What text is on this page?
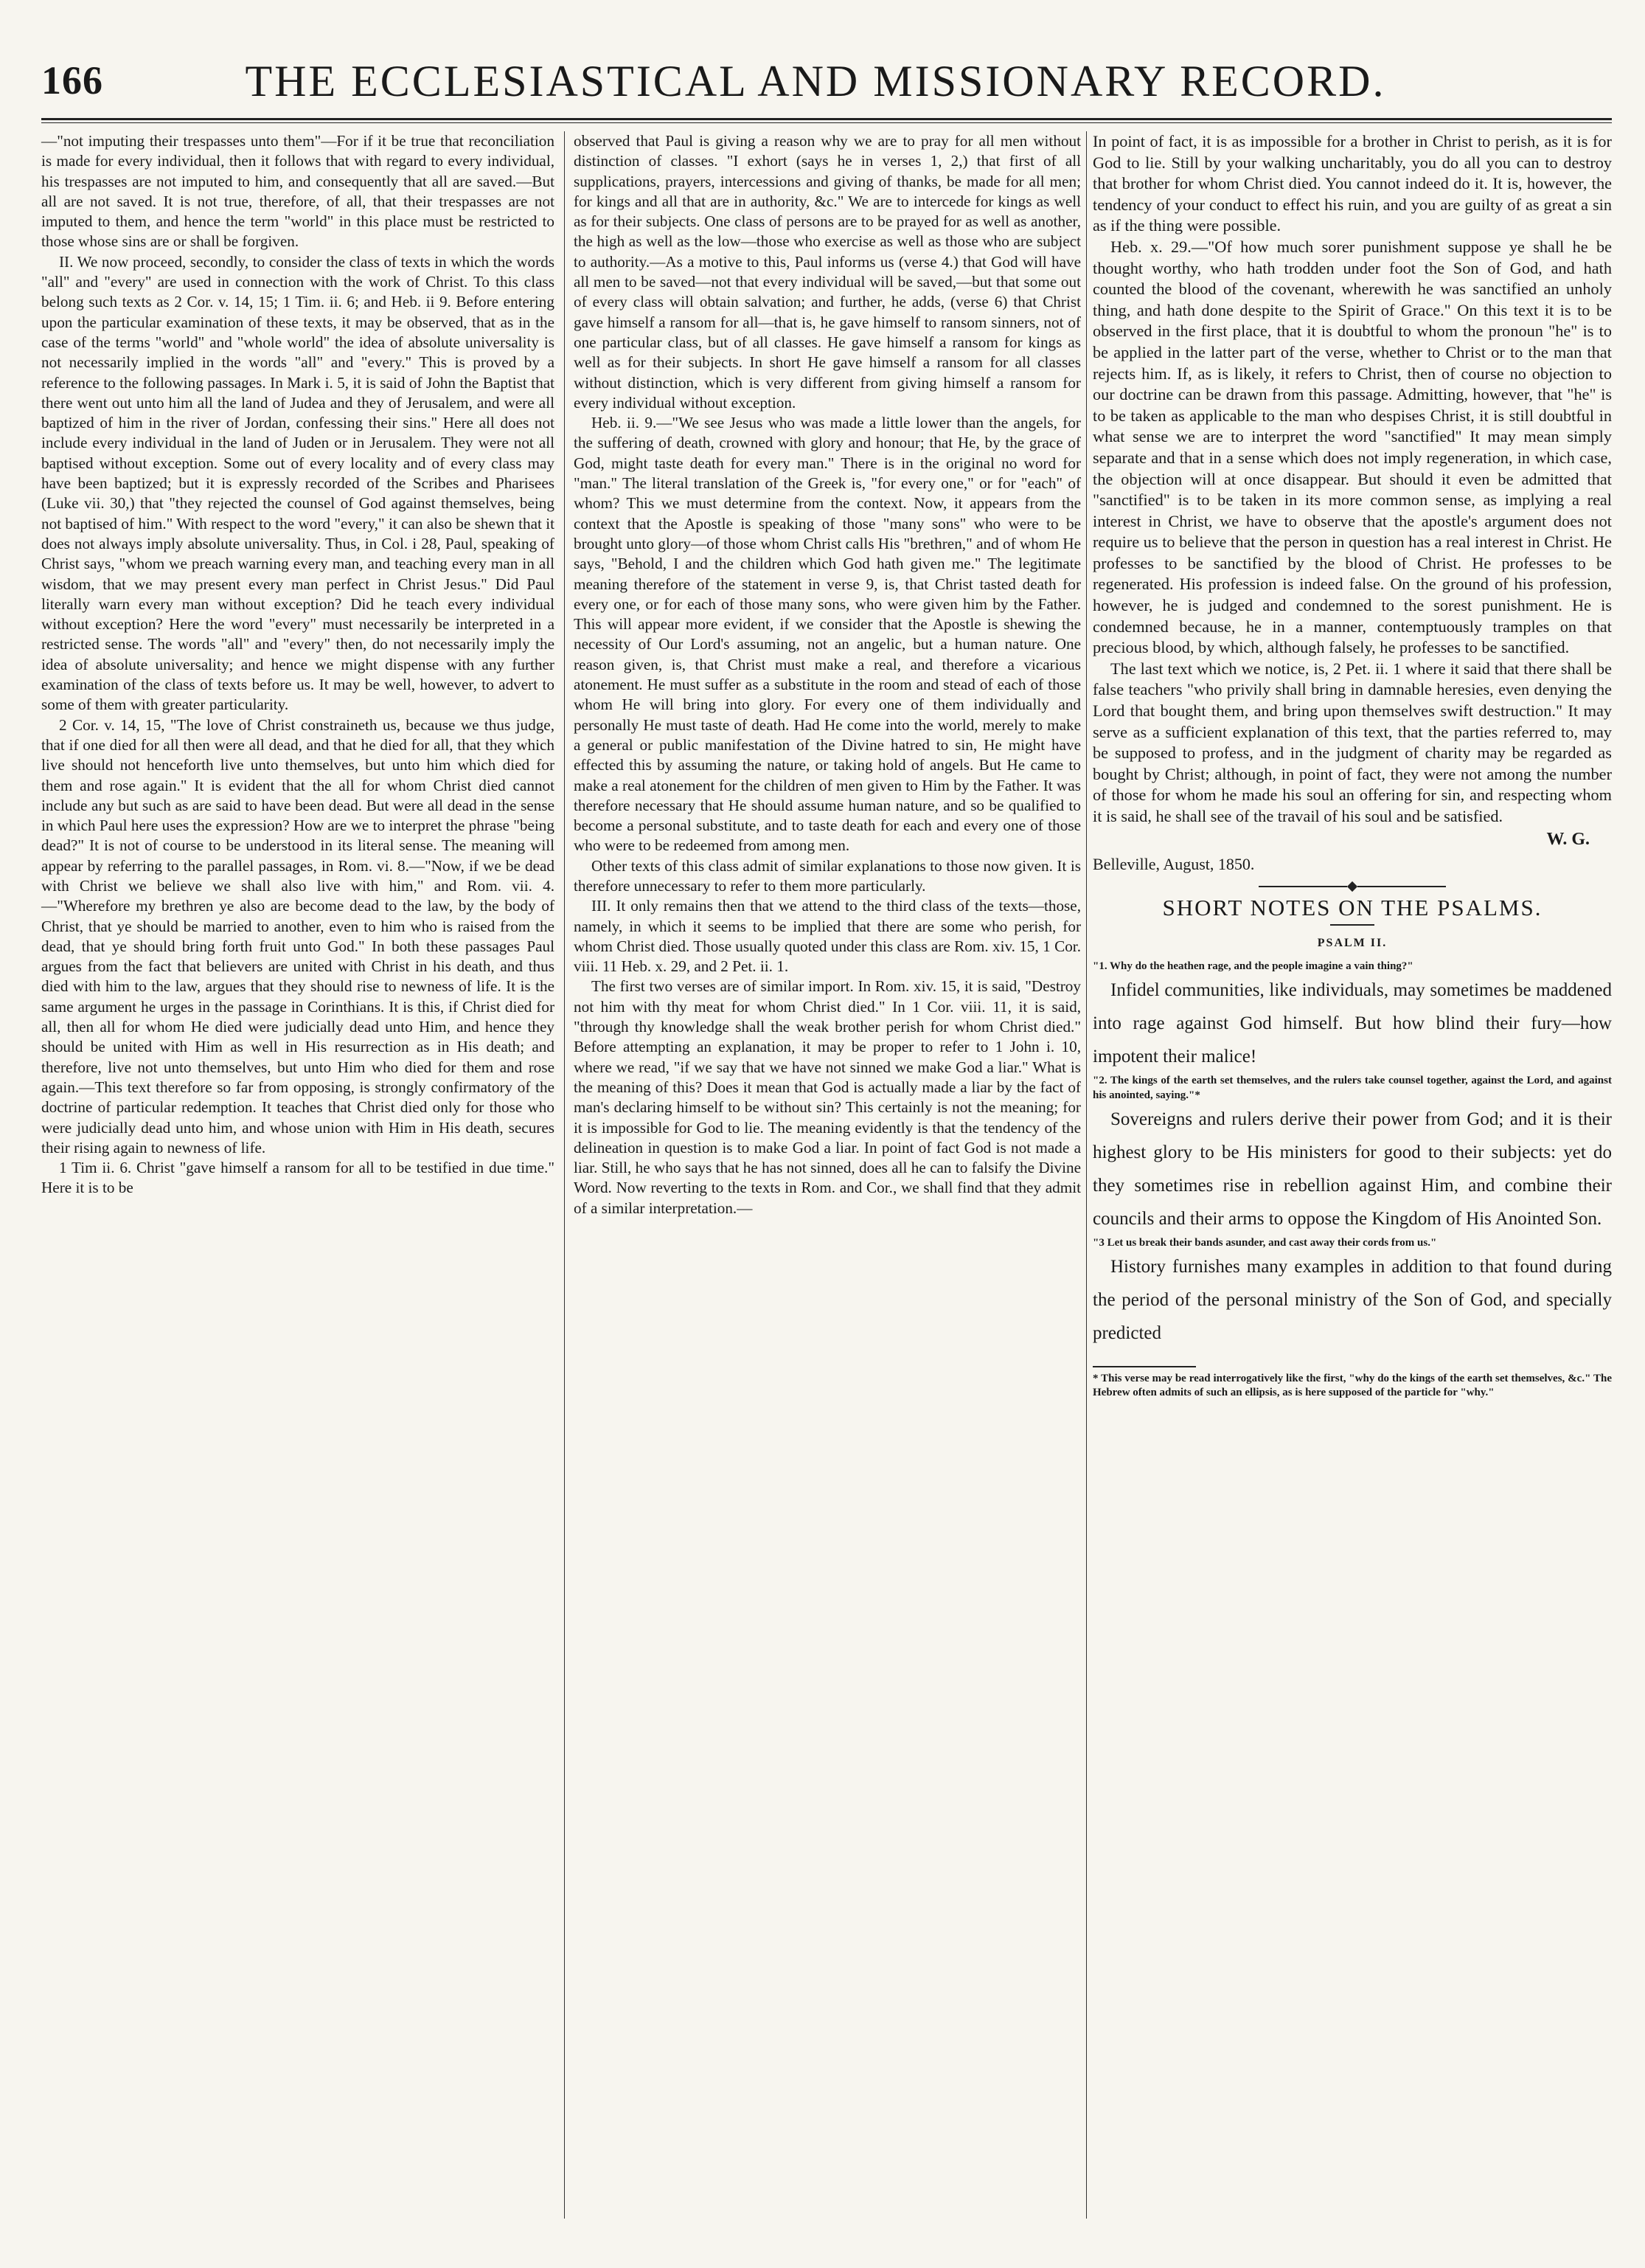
166	THE ECCLESIASTICAL AND MISSIONARY RECORD.

—"not imputing their trespasses unto them"—For if it be true that reconciliation is made for every individual, then it follows that with regard to every individual, his trespasses are not imputed to him, and consequently that all are saved.—But all are not saved. It is not true, therefore, of all, that their trespasses are not imputed to them, and hence the term "world" in this place must be restricted to those whose sins are or shall be forgiven.

II. We now proceed, secondly, to consider the class of texts in which the words "all" and "every" are used in connection with the work of Christ. To this class belong such texts as 2 Cor. v. 14, 15; 1 Tim. ii. 6; and Heb. ii 9. Before entering upon the particular examination of these texts, it may be observed, that as in the case of the terms "world" and "whole world" the idea of absolute universality is not necessarily implied in the words "all" and "every." This is proved by a reference to the following passages. In Mark i. 5, it is said of John the Baptist that there went out unto him all the land of Judea and they of Jerusalem, and were all baptized of him in the river of Jordan, confessing their sins." Here all does not include every individual in the land of Juden or in Jerusalem. They were not all baptised without exception. Some out of every locality and of every class may have been baptized; but it is expressly recorded of the Scribes and Pharisees (Luke vii. 30,) that "they rejected the counsel of God against themselves, being not baptised of him." With respect to the word "every," it can also be shewn that it does not always imply absolute universality. Thus, in Col. i 28, Paul, speaking of Christ says, "whom we preach warning every man, and teaching every man in all wisdom, that we may present every man perfect in Christ Jesus." Did Paul literally warn every man without exception? Did he teach every individual without exception? Here the word "every" must necessarily be interpreted in a restricted sense. The words "all" and "every" then, do not necessarily imply the idea of absolute universality; and hence we might dispense with any further examination of the class of texts before us. It may be well, however, to advert to some of them with greater particularity.

2 Cor. v. 14, 15, "The love of Christ constraineth us, because we thus judge, that if one died for all then were all dead, and that he died for all, that they which live should not henceforth live unto themselves, but unto him which died for them and rose again." It is evident that the all for whom Christ died cannot include any but such as are said to have been dead. But were all dead in the sense in which Paul here uses the expression? How are we to interpret the phrase "being dead?" It is not of course to be understood in its literal sense. The meaning will appear by referring to the parallel passages, in Rom. vi. 8.—"Now, if we be dead with Christ we believe we shall also live with him," and Rom. vii. 4.—"Wherefore my brethren ye also are become dead to the law, by the body of Christ, that ye should be married to another, even to him who is raised from the dead, that ye should bring forth fruit unto God." In both these passages Paul argues from the fact that believers are united with Christ in his death, and thus died with him to the law, argues that they should rise to newness of life. It is the same argument he urges in the passage in Corinthians. It is this, if Christ died for all, then all for whom He died were judicially dead unto Him, and hence they should be united with Him as well in His resurrection as in His death; and therefore, live not unto themselves, but unto Him who died for them and rose again.—This text therefore so far from opposing, is strongly confirmatory of the doctrine of particular redemption. It teaches that Christ died only for those who were judicially dead unto him, and whose union with Him in His death, secures their rising again to newness of life.

1 Tim ii. 6. Christ "gave himself a ransom for all to be testified in due time." Here it is to be

observed that Paul is giving a reason why we are to pray for all men without distinction of classes. "I exhort (says he in verses 1, 2,) that first of all supplications, prayers, intercessions and giving of thanks, be made for all men; for kings and all that are in authority, &c." We are to intercede for kings as well as for their subjects. One class of persons are to be prayed for as well as another, the high as well as the low—those who exercise as well as those who are subject to authority.—As a motive to this, Paul informs us (verse 4.) that God will have all men to be saved—not that every individual will be saved,—but that some out of every class will obtain salvation; and further, he adds, (verse 6) that Christ gave himself a ransom for all—that is, he gave himself to ransom sinners, not of one particular class, but of all classes. He gave himself a ransom for kings as well as for their subjects. In short He gave himself a ransom for all classes without distinction, which is very different from giving himself a ransom for every individual without exception.

Heb. ii. 9.—"We see Jesus who was made a little lower than the angels, for the suffering of death, crowned with glory and honour; that He, by the grace of God, might taste death for every man." There is in the original no word for "man." The literal translation of the Greek is, "for every one," or for "each" of whom? This we must determine from the context. Now, it appears from the context that the Apostle is speaking of those "many sons" who were to be brought unto glory—of those whom Christ calls His "brethren," and of whom He says, "Behold, I and the children which God hath given me." The legitimate meaning therefore of the statement in verse 9, is, that Christ tasted death for every one, or for each of those many sons, who were given him by the Father. This will appear more evident, if we consider that the Apostle is shewing the necessity of Our Lord's assuming, not an angelic, but a human nature. One reason given, is, that Christ must make a real, and therefore a vicarious atonement. He must suffer as a substitute in the room and stead of each of those whom He will bring into glory. For every one of them individually and personally He must taste of death. Had He come into the world, merely to make a general or public manifestation of the Divine hatred to sin, He might have effected this by assuming the nature, or taking hold of angels. But He came to make a real atonement for the children of men given to Him by the Father. It was therefore necessary that He should assume human nature, and so be qualified to become a personal substitute, and to taste death for each and every one of those who were to be redeemed from among men.

Other texts of this class admit of similar explanations to those now given. It is therefore unnecessary to refer to them more particularly.

III. It only remains then that we attend to the third class of the texts—those, namely, in which it seems to be implied that there are some who perish, for whom Christ died. Those usually quoted under this class are Rom. xiv. 15, 1 Cor. viii. 11 Heb. x. 29, and 2 Pet. ii. 1.

The first two verses are of similar import. In Rom. xiv. 15, it is said, "Destroy not him with thy meat for whom Christ died." In 1 Cor. viii. 11, it is said, "through thy knowledge shall the weak brother perish for whom Christ died." Before attempting an explanation, it may be proper to refer to 1 John i. 10, where we read, "if we say that we have not sinned we make God a liar." What is the meaning of this? Does it mean that God is actually made a liar by the fact of man's declaring himself to be without sin? This certainly is not the meaning; for it is impossible for God to lie. The meaning evidently is that the tendency of the delineation in question is to make God a liar. In point of fact God is not made a liar. Still, he who says that he has not sinned, does all he can to falsify the Divine Word. Now reverting to the texts in Rom. and Cor., we shall find that they admit of a similar interpretation.—

In point of fact, it is as impossible for a brother in Christ to perish, as it is for God to lie. Still by your walking uncharitably, you do all you can to destroy that brother for whom Christ died. You cannot indeed do it. It is, however, the tendency of your conduct to effect his ruin, and you are guilty of as great a sin as if the thing were possible.

Heb. x. 29.—"Of how much sorer punishment suppose ye shall he be thought worthy, who hath trodden under foot the Son of God, and hath counted the blood of the covenant, wherewith he was sanctified an unholy thing, and hath done despite to the Spirit of Grace." On this text it is to be observed in the first place, that it is doubtful to whom the pronoun "he" is to be applied in the latter part of the verse, whether to Christ or to the man that rejects him. If, as is likely, it refers to Christ, then of course no objection to our doctrine can be drawn from this passage. Admitting, however, that "he" is to be taken as applicable to the man who despises Christ, it is still doubtful in what sense we are to interpret the word "sanctified" It may mean simply separate and that in a sense which does not imply regeneration, in which case, the objection will at once disappear. But should it even be admitted that "sanctified" is to be taken in its more common sense, as implying a real interest in Christ, we have to observe that the apostle's argument does not require us to believe that the person in question has a real interest in Christ. He professes to be sanctified by the blood of Christ. He professes to be regenerated. His profession is indeed false. On the ground of his profession, however, he is judged and condemned to the sorest punishment. He is condemned because, he in a manner, contemptuously tramples on that precious blood, by which, although falsely, he professes to be sanctified.

The last text which we notice, is, 2 Pet. ii. 1 where it said that there shall be false teachers "who privily shall bring in damnable heresies, even denying the Lord that bought them, and bring upon themselves swift destruction." It may serve as a sufficient explanation of this text, that the parties referred to, may be supposed to profess, and in the judgment of charity may be regarded as bought by Christ; although, in point of fact, they were not among the number of those for whom he made his soul an offering for sin, and respecting whom it is said, he shall see of the travail of his soul and be satisfied.

W. G.
Belleville, August, 1850.
SHORT NOTES ON THE PSALMS.
PSALM II.

"1. Why do the heathen rage, and the people imagine a vain thing?"

Infidel communities, like individuals, may sometimes be maddened into rage against God himself. But how blind their fury—how impotent their malice!

"2. The kings of the earth set themselves, and the rulers take counsel together, against the Lord, and against his anointed, saying."*

Sovereigns and rulers derive their power from God; and it is their highest glory to be His ministers for good to their subjects: yet do they sometimes rise in rebellion against Him, and combine their councils and their arms to oppose the Kingdom of His Anointed Son.

"3 Let us break their bands asunder, and cast away their cords from us."

History furnishes many examples in addition to that found during the period of the personal ministry of the Son of God, and specially predicted

* This verse may be read interrogatively like the first, "why do the kings of the earth set themselves, &c." The Hebrew often admits of such an ellipsis, as is here supposed of the particle for "why."
